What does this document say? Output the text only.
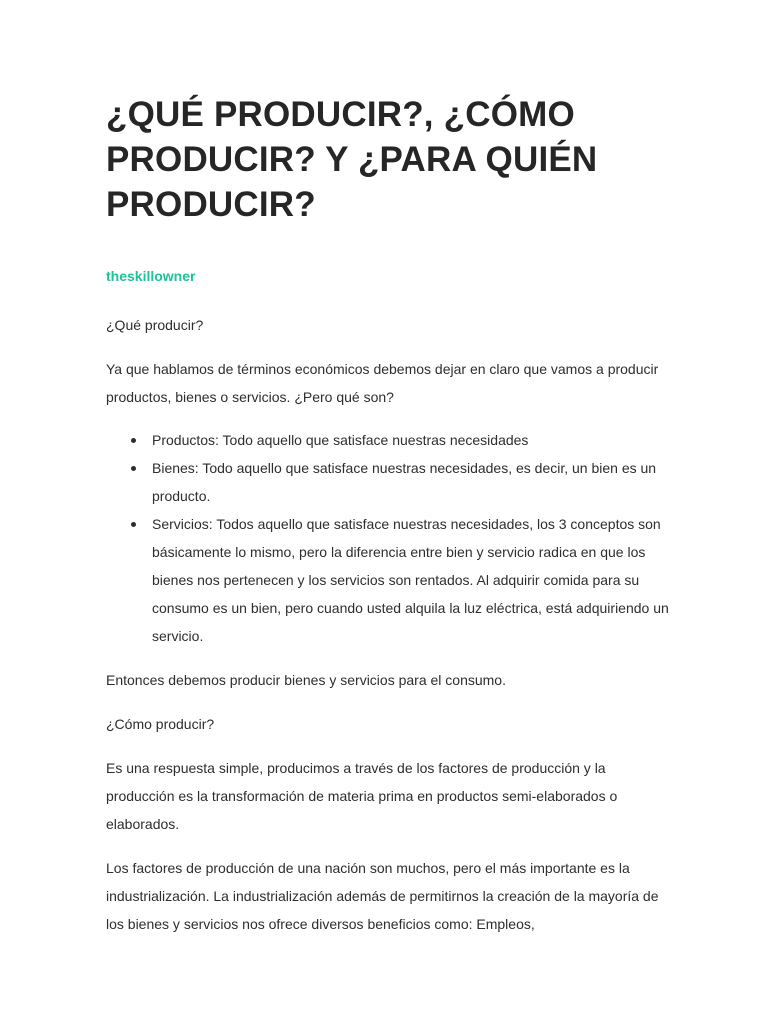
¿QUÉ PRODUCIR?, ¿CÓMO PRODUCIR? Y ¿PARA QUIÉN PRODUCIR?
theskillowner

¿Qué producir?

Ya que hablamos de términos económicos debemos dejar en claro que vamos a producir productos, bienes o servicios. ¿Pero qué son?

Productos: Todo aquello que satisface nuestras necesidades
Bienes: Todo aquello que satisface nuestras necesidades, es decir, un bien es un producto.
Servicios: Todos aquello que satisface nuestras necesidades, los 3 conceptos son básicamente lo mismo, pero la diferencia entre bien y servicio radica en que los bienes nos pertenecen y los servicios son rentados. Al adquirir comida para su consumo es un bien, pero cuando usted alquila la luz eléctrica, está adquiriendo un servicio.

Entonces debemos producir bienes y servicios para el consumo.

¿Cómo producir?

Es una respuesta simple, producimos a través de los factores de producción y la producción es la transformación de materia prima en productos semi-elaborados o elaborados.

Los factores de producción de una nación son muchos, pero el más importante es la industrialización. La industrialización además de permitirnos la creación de la mayoría de los bienes y servicios nos ofrece diversos beneficios como: Empleos,
